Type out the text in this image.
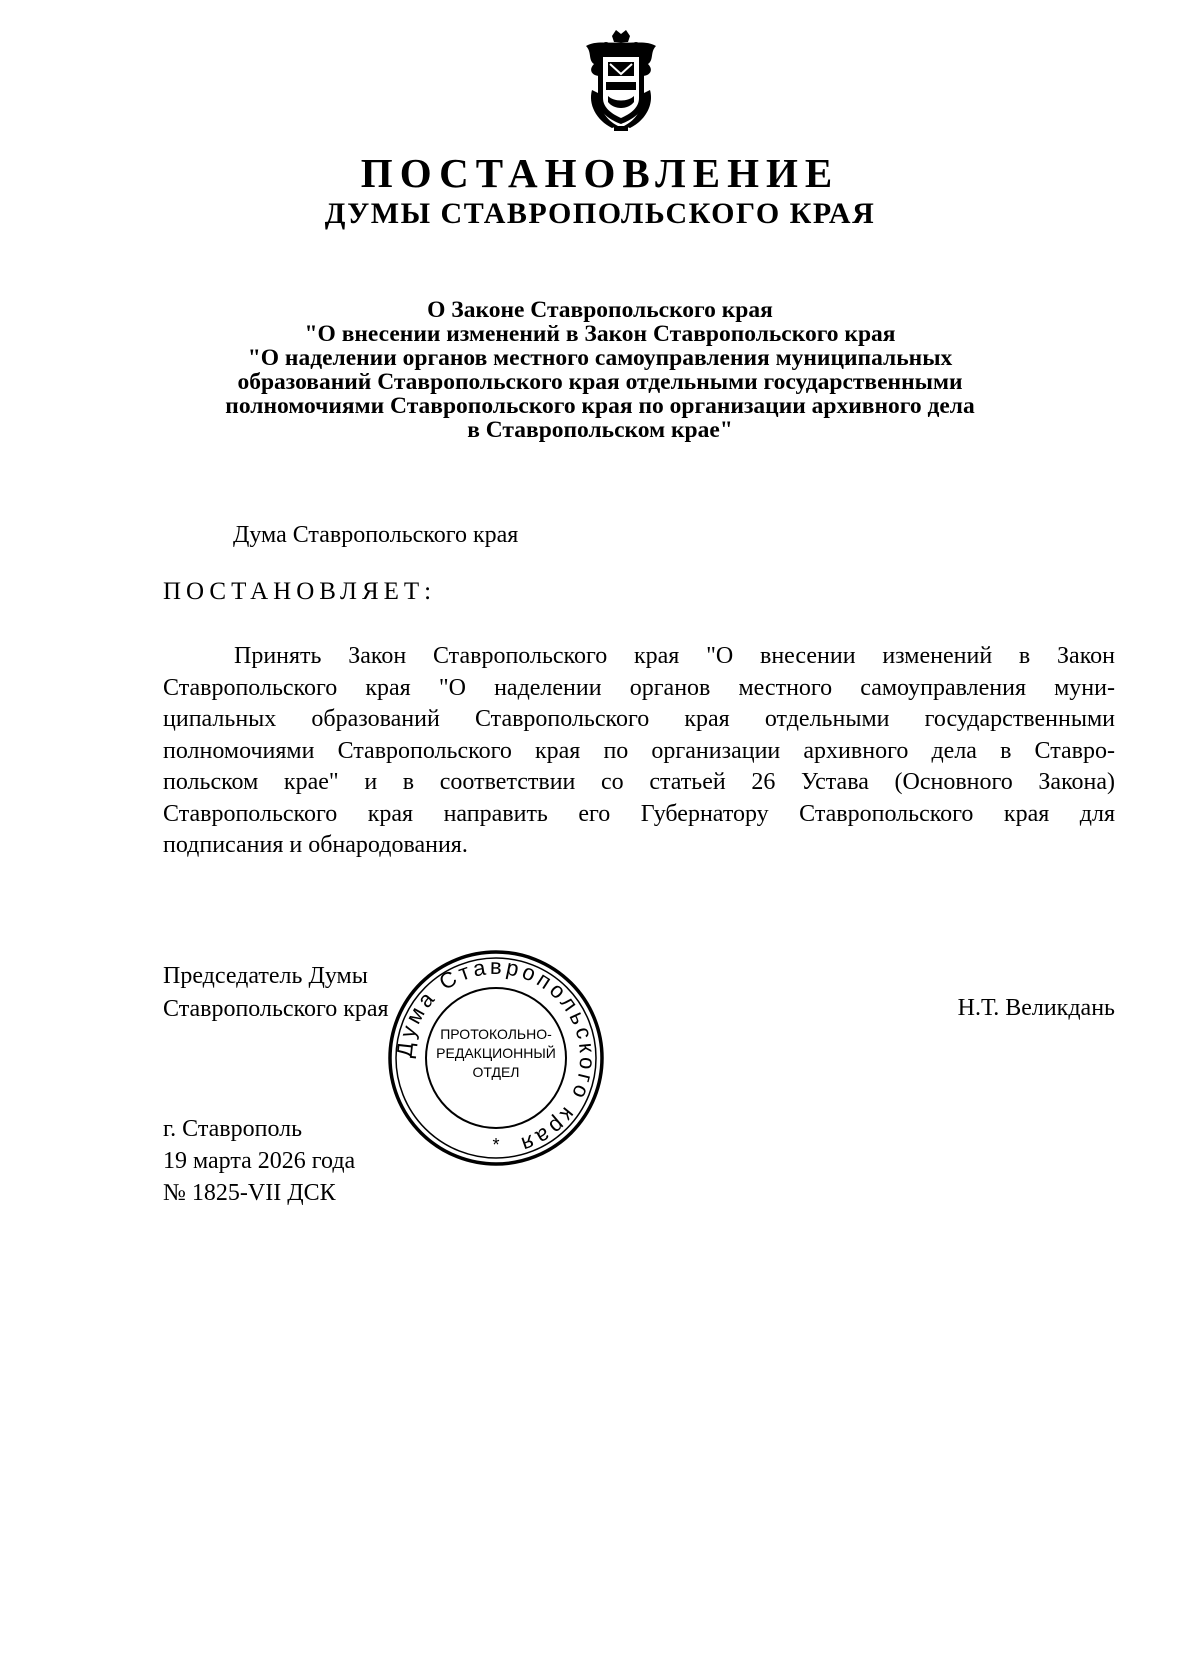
ПОСТАНОВЛЕНИЕ
ДУМЫ СТАВРОПОЛЬСКОГО КРАЯ
О Законе Ставропольского края
"О внесении изменений в Закон Ставропольского края
"О наделении органов местного самоуправления муниципальных
образований Ставропольского края отдельными государственными
полномочиями Ставропольского края по организации архивного дела
в Ставропольском крае"
Дума Ставропольского края
ПОСТАНОВЛЯЕТ:
Принять Закон Ставропольского края "О внесении изменений в Закон
Ставропольского края "О наделении органов местного самоуправления муни-
ципальных образований Ставропольского края отдельными государственными
полномочиями Ставропольского края по организации архивного дела в Ставро-
польском крае" и в соответствии со статьей 26 Устава (Основного Закона)
Ставропольского края направить его Губернатору Ставропольского края для
подписания и обнародования.
Председатель Думы
Ставропольского края	Н.Т. Великдань
г. Ставрополь
19 марта 2026 года
№ 1825-VII ДСК
Дума Ставропольского края
ПРОТОКОЛЬНО-
РЕДАКЦИОННЫЙ
ОТДЕЛ
*
